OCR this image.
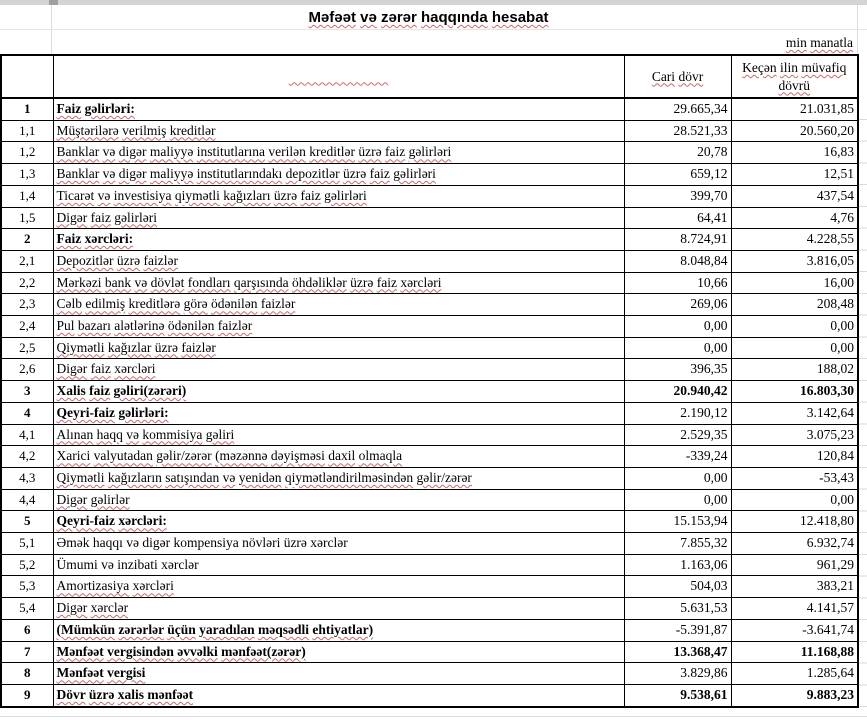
Məfəət və zərər haqqında hesabat
min manatla
		Cari dövr	Keçən ilin müvafiq dövrü
1	Faiz gəlirləri:	29.665,34	21.031,85
1,1	Müştərilərə verilmiş kreditlər	28.521,33	20.560,20
1,2	Banklar və digər maliyyə institutlarına verilən kreditlər üzrə faiz gəlirləri	20,78	16,83
1,3	Banklar və digər maliyyə institutlarındakı depozitlər üzrə faiz gəlirləri	659,12	12,51
1,4	Ticarət və investisiya qiymətli kağızları üzrə faiz gəlirləri	399,70	437,54
1,5	Digər faiz gəlirləri	64,41	4,76
2	Faiz xərcləri:	8.724,91	4.228,55
2,1	Depozitlər üzrə faizlər	8.048,84	3.816,05
2,2	Mərkəzi bank və dövlət fondları qarşısında öhdəliklər üzrə faiz xərcləri	10,66	16,00
2,3	Cəlb edilmiş kreditlərə görə ödənilən faizlər	269,06	208,48
2,4	Pul bazarı alətlərinə ödənilən faizlər	0,00	0,00
2,5	Qiymətli kağızlar üzrə faizlər	0,00	0,00
2,6	Digər faiz xərcləri	396,35	188,02
3	Xalis faiz gəliri(zərəri)	20.940,42	16.803,30
4	Qeyri-faiz gəlirləri:	2.190,12	3.142,64
4,1	Alınan haqq və kommisiya gəliri	2.529,35	3.075,23
4,2	Xarici valyutadan gəlir/zərər (məzənnə dəyişməsi daxil olmaqla	-339,24	120,84
4,3	Qiymətli kağızların satışından və yenidən qiymətləndirilməsindən gəlir/zərər	0,00	-53,43
4,4	Digər gəlirlər	0,00	0,00
5	Qeyri-faiz xərcləri:	15.153,94	12.418,80
5,1	Əmək haqqı və digər kompensiya növləri üzrə xərclər	7.855,32	6.932,74
5,2	Ümumi və inzibati xərclər	1.163,06	961,29
5,3	Amortizasiya xərcləri	504,03	383,21
5,4	Digər xərclər	5.631,53	4.141,57
6	(Mümkün zərərlər üçün yaradılan məqsədli ehtiyatlar)	-5.391,87	-3.641,74
7	Mənfəət vergisindən əvvəlki mənfəət(zərər)	13.368,47	11.168,88
8	Mənfəət vergisi	3.829,86	1.285,64
9	Dövr üzrə xalis mənfəət	9.538,61	9.883,23
